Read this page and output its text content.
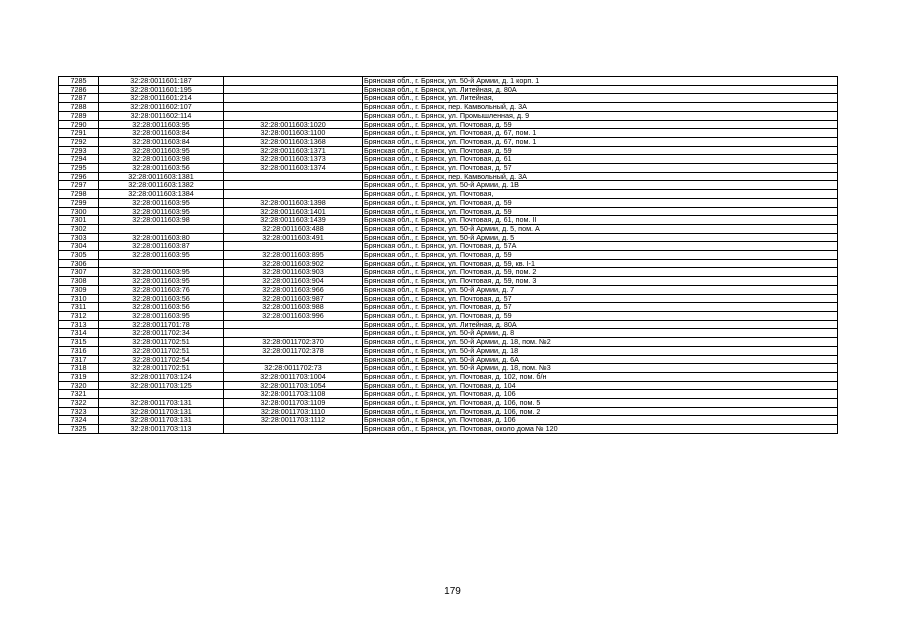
7285	32:28:0011601:187		Брянская обл., г. Брянск, ул. 50-й Армии, д. 1 корп. 1
7286	32:28:0011601:195		Брянская обл., г. Брянск, ул. Литейная, д. 80А
7287	32:28:0011601:214		Брянская обл., г. Брянск, ул. Литейная,
7288	32:28:0011602:107		Брянская обл., г. Брянск, пер. Камвольный, д. 3А
7289	32:28:0011602:114		Брянская обл., г. Брянск, ул. Промышленная, д. 9
7290	32:28:0011603:95	32:28:0011603:1020	Брянская обл., г. Брянск, ул. Почтовая, д. 59
7291	32:28:0011603:84	32:28:0011603:1100	Брянская обл., г. Брянск, ул. Почтовая, д. 67, пом. 1
7292	32:28:0011603:84	32:28:0011603:1368	Брянская обл., г. Брянск, ул. Почтовая, д. 67, пом. 1
7293	32:28:0011603:95	32:28:0011603:1371	Брянская обл., г. Брянск, ул. Почтовая, д. 59
7294	32:28:0011603:98	32:28:0011603:1373	Брянская обл., г. Брянск, ул. Почтовая, д. 61
7295	32:28:0011603:56	32:28:0011603:1374	Брянская обл., г. Брянск, ул. Почтовая, д. 57
7296	32:28:0011603:1381		Брянская обл., г. Брянск, пер. Камвольный, д. 3А
7297	32:28:0011603:1382		Брянская обл., г. Брянск, ул. 50-й Армии, д. 1В
7298	32:28:0011603:1384		Брянская обл., г. Брянск, ул. Почтовая,
7299	32:28:0011603:95	32:28:0011603:1398	Брянская обл., г. Брянск, ул. Почтовая, д. 59
7300	32:28:0011603:95	32:28:0011603:1401	Брянская обл., г. Брянск, ул. Почтовая, д. 59
7301	32:28:0011603:98	32:28:0011603:1439	Брянская обл., г. Брянск, ул. Почтовая, д. 61, пом. II
7302		32:28:0011603:488	Брянская обл., г. Брянск, ул. 50-й Армии, д. 5, пом. А
7303	32:28:0011603:80	32:28:0011603:491	Брянская обл., г. Брянск, ул. 50-й Армии, д. 5
7304	32:28:0011603:87		Брянская обл., г. Брянск, ул. Почтовая, д. 57А
7305	32:28:0011603:95	32:28:0011603:895	Брянская обл., г. Брянск, ул. Почтовая, д. 59
7306		32:28:0011603:902	Брянская обл., г. Брянск, ул. Почтовая, д. 59, кв. I-1
7307	32:28:0011603:95	32:28:0011603:903	Брянская обл., г. Брянск, ул. Почтовая, д. 59, пом. 2
7308	32:28:0011603:95	32:28:0011603:904	Брянская обл., г. Брянск, ул. Почтовая, д. 59, пом. 3
7309	32:28:0011603:76	32:28:0011603:966	Брянская обл., г. Брянск, ул. 50-й Армии, д. 7
7310	32:28:0011603:56	32:28:0011603:987	Брянская обл., г. Брянск, ул. Почтовая, д. 57
7311	32:28:0011603:56	32:28:0011603:988	Брянская обл., г. Брянск, ул. Почтовая, д. 57
7312	32:28:0011603:95	32:28:0011603:996	Брянская обл., г. Брянск, ул. Почтовая, д. 59
7313	32:28:0011701:78		Брянская обл., г. Брянск, ул. Литейная, д. 80А
7314	32:28:0011702:34		Брянская обл., г. Брянск, ул. 50-й Армии, д. 8
7315	32:28:0011702:51	32:28:0011702:370	Брянская обл., г. Брянск, ул. 50-й Армии, д. 18, пом. №2
7316	32:28:0011702:51	32:28:0011702:378	Брянская обл., г. Брянск, ул. 50-й Армии, д. 18
7317	32:28:0011702:54		Брянская обл., г. Брянск, ул. 50-й Армии, д. 6А
7318	32:28:0011702:51	32:28:0011702:73	Брянская обл., г. Брянск, ул. 50-й Армии, д. 18, пом. №3
7319	32:28:0011703:124	32:28:0011703:1004	Брянская обл., г. Брянск, ул. Почтовая, д. 102, пом. б/н
7320	32:28:0011703:125	32:28:0011703:1054	Брянская обл., г. Брянск, ул. Почтовая, д. 104
7321		32:28:0011703:1108	Брянская обл., г. Брянск, ул. Почтовая, д. 106
7322	32:28:0011703:131	32:28:0011703:1109	Брянская обл., г. Брянск, ул. Почтовая, д. 106, пом. 5
7323	32:28:0011703:131	32:28:0011703:1110	Брянская обл., г. Брянск, ул. Почтовая, д. 106, пом. 2
7324	32:28:0011703:131	32:28:0011703:1112	Брянская обл., г. Брянск, ул. Почтовая, д. 106
7325	32:28:0011703:113		Брянская обл., г. Брянск, ул. Почтовая, около дома № 120
179
